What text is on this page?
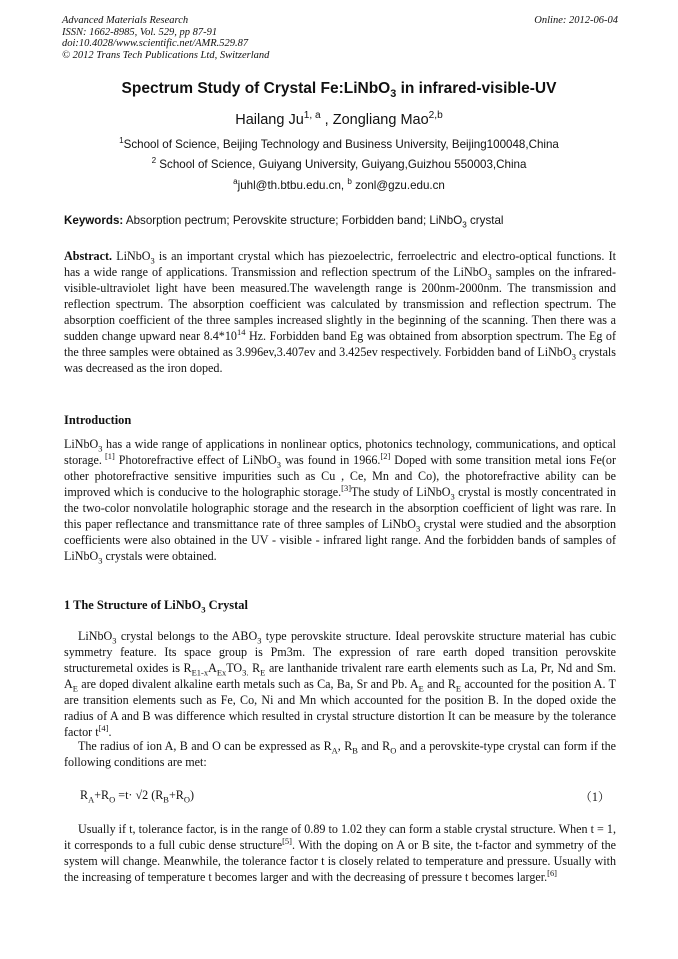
Advanced Materials Research
ISSN: 1662-8985, Vol. 529, pp 87-91
doi:10.4028/www.scientific.net/AMR.529.87
© 2012 Trans Tech Publications Ltd, Switzerland
Online: 2012-06-04
Spectrum Study of Crystal Fe:LiNbO$_3$ in infrared-visible-UV
Hailang Ju$^{1, a}$ , Zongliang Mao$^{2,b}$
$^1$School of Science, Beijing Technology and Business University, Beijing100048,China
$^2$ School of Science, Guiyang University, Guiyang,Guizhou 550003,China
$^a$juhl@th.btbu.edu.cn, $^b$ zonl@gzu.edu.cn
Keywords: Absorption pectrum; Perovskite structure; Forbidden band; LiNbO$_3$ crystal
Abstract. LiNbO$_3$ is an important crystal which has piezoelectric, ferroelectric and electro-optical functions. It has a wide range of applications. Transmission and reflection spectrum of the LiNbO$_3$ samples on the infrared-visible-ultraviolet light have been measured.The wavelength range is 200nm-2000nm. The transmission and reflection spectrum. The absorption coefficient was calculated by transmission and reflection spectrum. The absorption coefficient of the three samples increased slightly in the beginning of the scanning. Then there was a sudden change upward near $8.4*10^{14}$ Hz. Forbidden band Eg was obtained from absorption spectrum. The Eg of the three samples were obtained as 3.996ev,3.407ev and 3.425ev respectively. Forbidden band of LiNbO$_3$ crystals was decreased as the iron doped.
Introduction
LiNbO$_3$ has a wide range of applications in nonlinear optics, photonics technology, communications, and optical storage. [1] Photorefractive effect of LiNbO$_3$ was found in 1966.[2] Doped with some transition metal ions Fe(or other photorefractive sensitive impurities such as Cu , Ce, Mn and Co), the photorefractive ability can be improved which is conducive to the holographic storage.[3]The study of LiNbO$_3$ crystal is mostly concentrated in the two-color nonvolatile holographic storage and the research in the absorption coefficient of light was rare. In this paper reflectance and transmittance rate of three samples of LiNbO$_3$ crystal were studied and the absorption coefficients were also obtained in the UV - visible - infrared light range. And the forbidden bands of samples of LiNbO$_3$ crystals were obtained.
1 The Structure of LiNbO$_3$ Crystal
LiNbO$_3$ crystal belongs to the $ABO_3$ type perovskite structure. Ideal perovskite structure material has cubic symmetry feature. Its space group is Pm3m. The expression of rare earth doped transition perovskite structuremetal oxides is $R_{E1-x}A_{Ex}TO_{3.}$ $R_E$ are lanthanide trivalent rare earth elements such as La, Pr, Nd and Sm. $A_E$ are doped divalent alkaline earth metals such as Ca, Ba, Sr and Pb. $A_E$ and $R_E$ accounted for the position A. T are transition elements such as Fe, Co, Ni and Mn which accounted for the position B. In the doped oxide the radius of A and B was difference which resulted in crystal structure distortion It can be measure by the tolerance factor t[4].
The radius of ion A, B and O can be expressed as $R_A$, $R_B$ and $R_O$ and a perovskite-type crystal can form if the following conditions are met:
$R_A+R_O =t\cdot √2$ $(R_B+R_O)$	（1）
Usually if t, tolerance factor, is in the range of 0.89 to 1.02 they can form a stable crystal structure. When t = 1, it corresponds to a full cubic dense structure[5]. With the doping on A or B site, the t-factor and symmetry of the system will change. Meanwhile, the tolerance factor t is closely related to temperature and pressure. Usually with the increasing of temperature t becomes larger and with the decreasing of pressure t becomes larger.[6]
